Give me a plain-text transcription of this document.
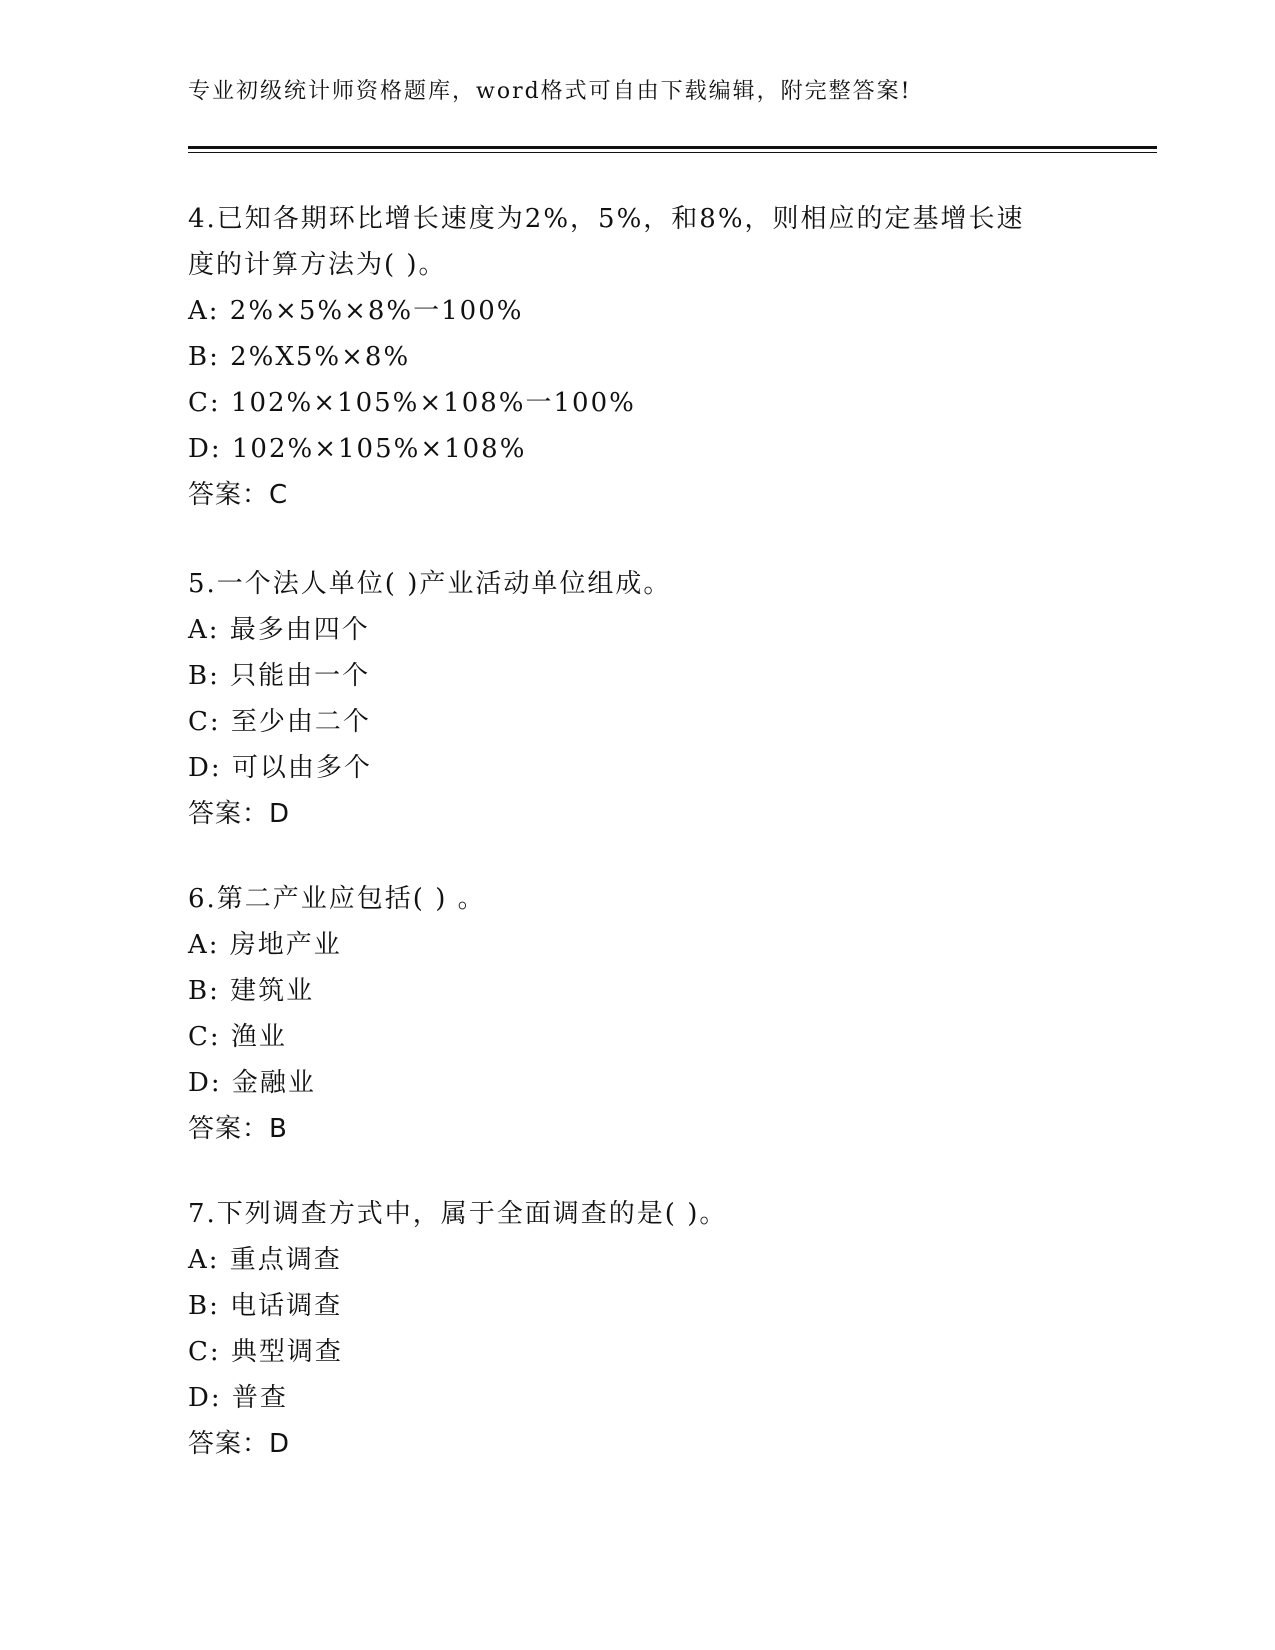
专业初级统计师资格题库，word格式可自由下载编辑，附完整答案!
4.已知各期环比增长速度为2%，5%，和8%，则相应的定基增长速
度的计算方法为( )。
A: 2%×5%×8%一100%
B: 2%X5%×8%
C: 102%×105%×108%一100%
D: 102%×105%×108%
答案：C
5.一个法人单位( )产业活动单位组成。
A: 最多由四个
B: 只能由一个
C: 至少由二个
D: 可以由多个
答案：D
6.第二产业应包括( ) 。
A: 房地产业
B: 建筑业
C: 渔业
D: 金融业
答案：B
7.下列调查方式中，属于全面调查的是( )。
A: 重点调查
B: 电话调查
C: 典型调查
D: 普查
答案：D
